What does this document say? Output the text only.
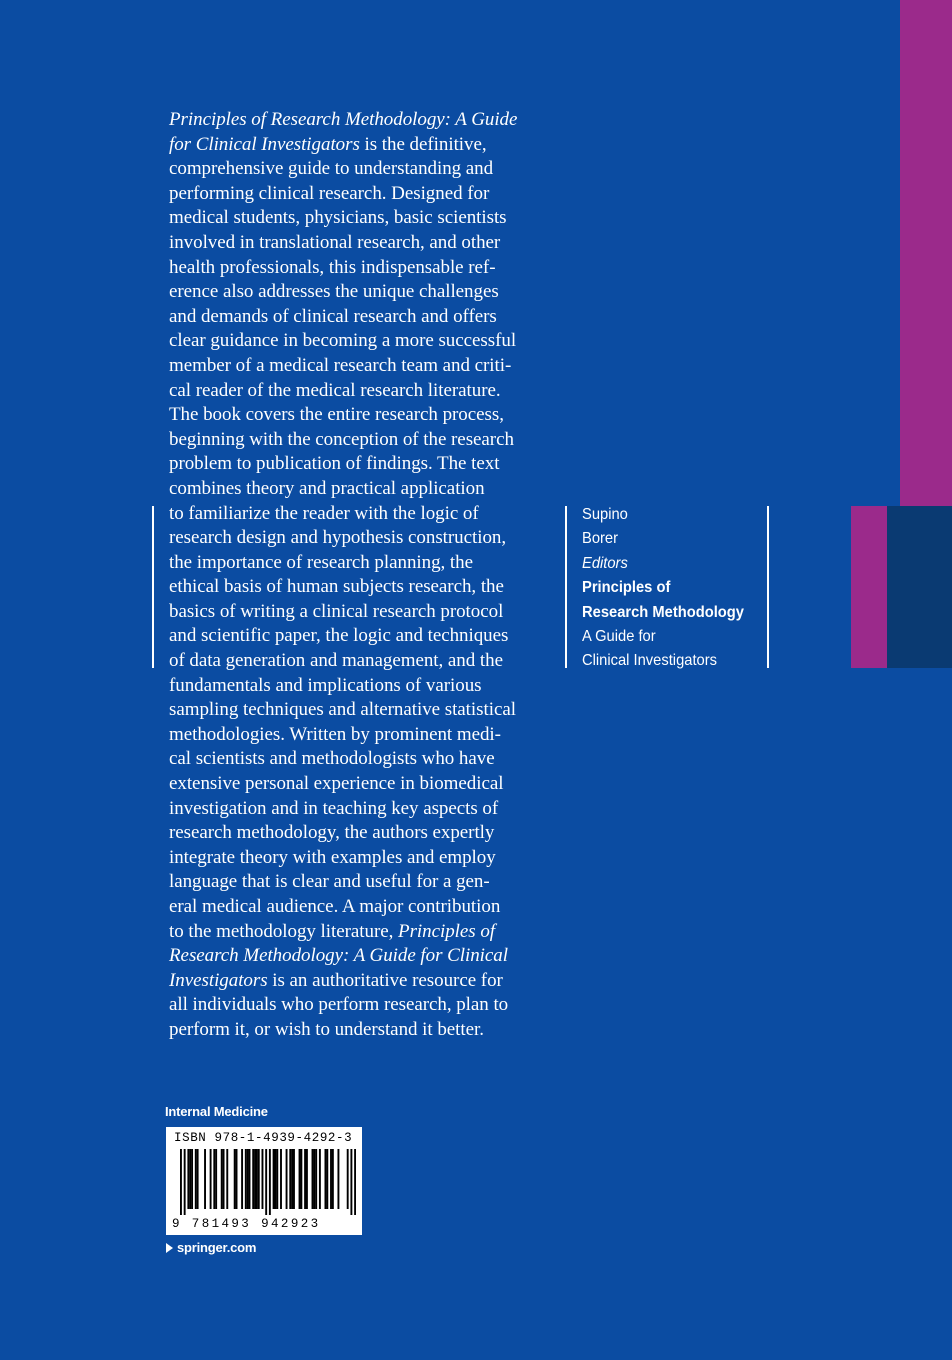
Principles of Research Methodology: A Guide
for Clinical Investigators is the definitive,
comprehensive guide to understanding and
performing clinical research. Designed for
medical students, physicians, basic scientists
involved in translational research, and other
health professionals, this indispensable ref-
erence also addresses the unique challenges
and demands of clinical research and offers
clear guidance in becoming a more successful
member of a medical research team and criti-
cal reader of the medical research literature.
The book covers the entire research process,
beginning with the conception of the research
problem to publication of findings. The text
combines theory and practical application
to familiarize the reader with the logic of
research design and hypothesis construction,
the importance of research planning, the
ethical basis of human subjects research, the
basics of writing a clinical research protocol
and scientific paper, the logic and techniques
of data generation and management, and the
fundamentals and implications of various
sampling techniques and alternative statistical
methodologies. Written by prominent medi-
cal scientists and methodologists who have
extensive personal experience in biomedical
investigation and in teaching key aspects of
research methodology, the authors expertly
integrate theory with examples and employ
language that is clear and useful for a gen-
eral medical audience. A major contribution
to the methodology literature, Principles of
Research Methodology: A Guide for Clinical
Investigators is an authoritative resource for
all individuals who perform research, plan to
perform it, or wish to understand it better.
Supino
Borer
Editors
Principles of
Research Methodology
A Guide for
Clinical Investigators
Internal Medicine
ISBN 978-1-4939-4292-3
9 781493 942923
springer.com
